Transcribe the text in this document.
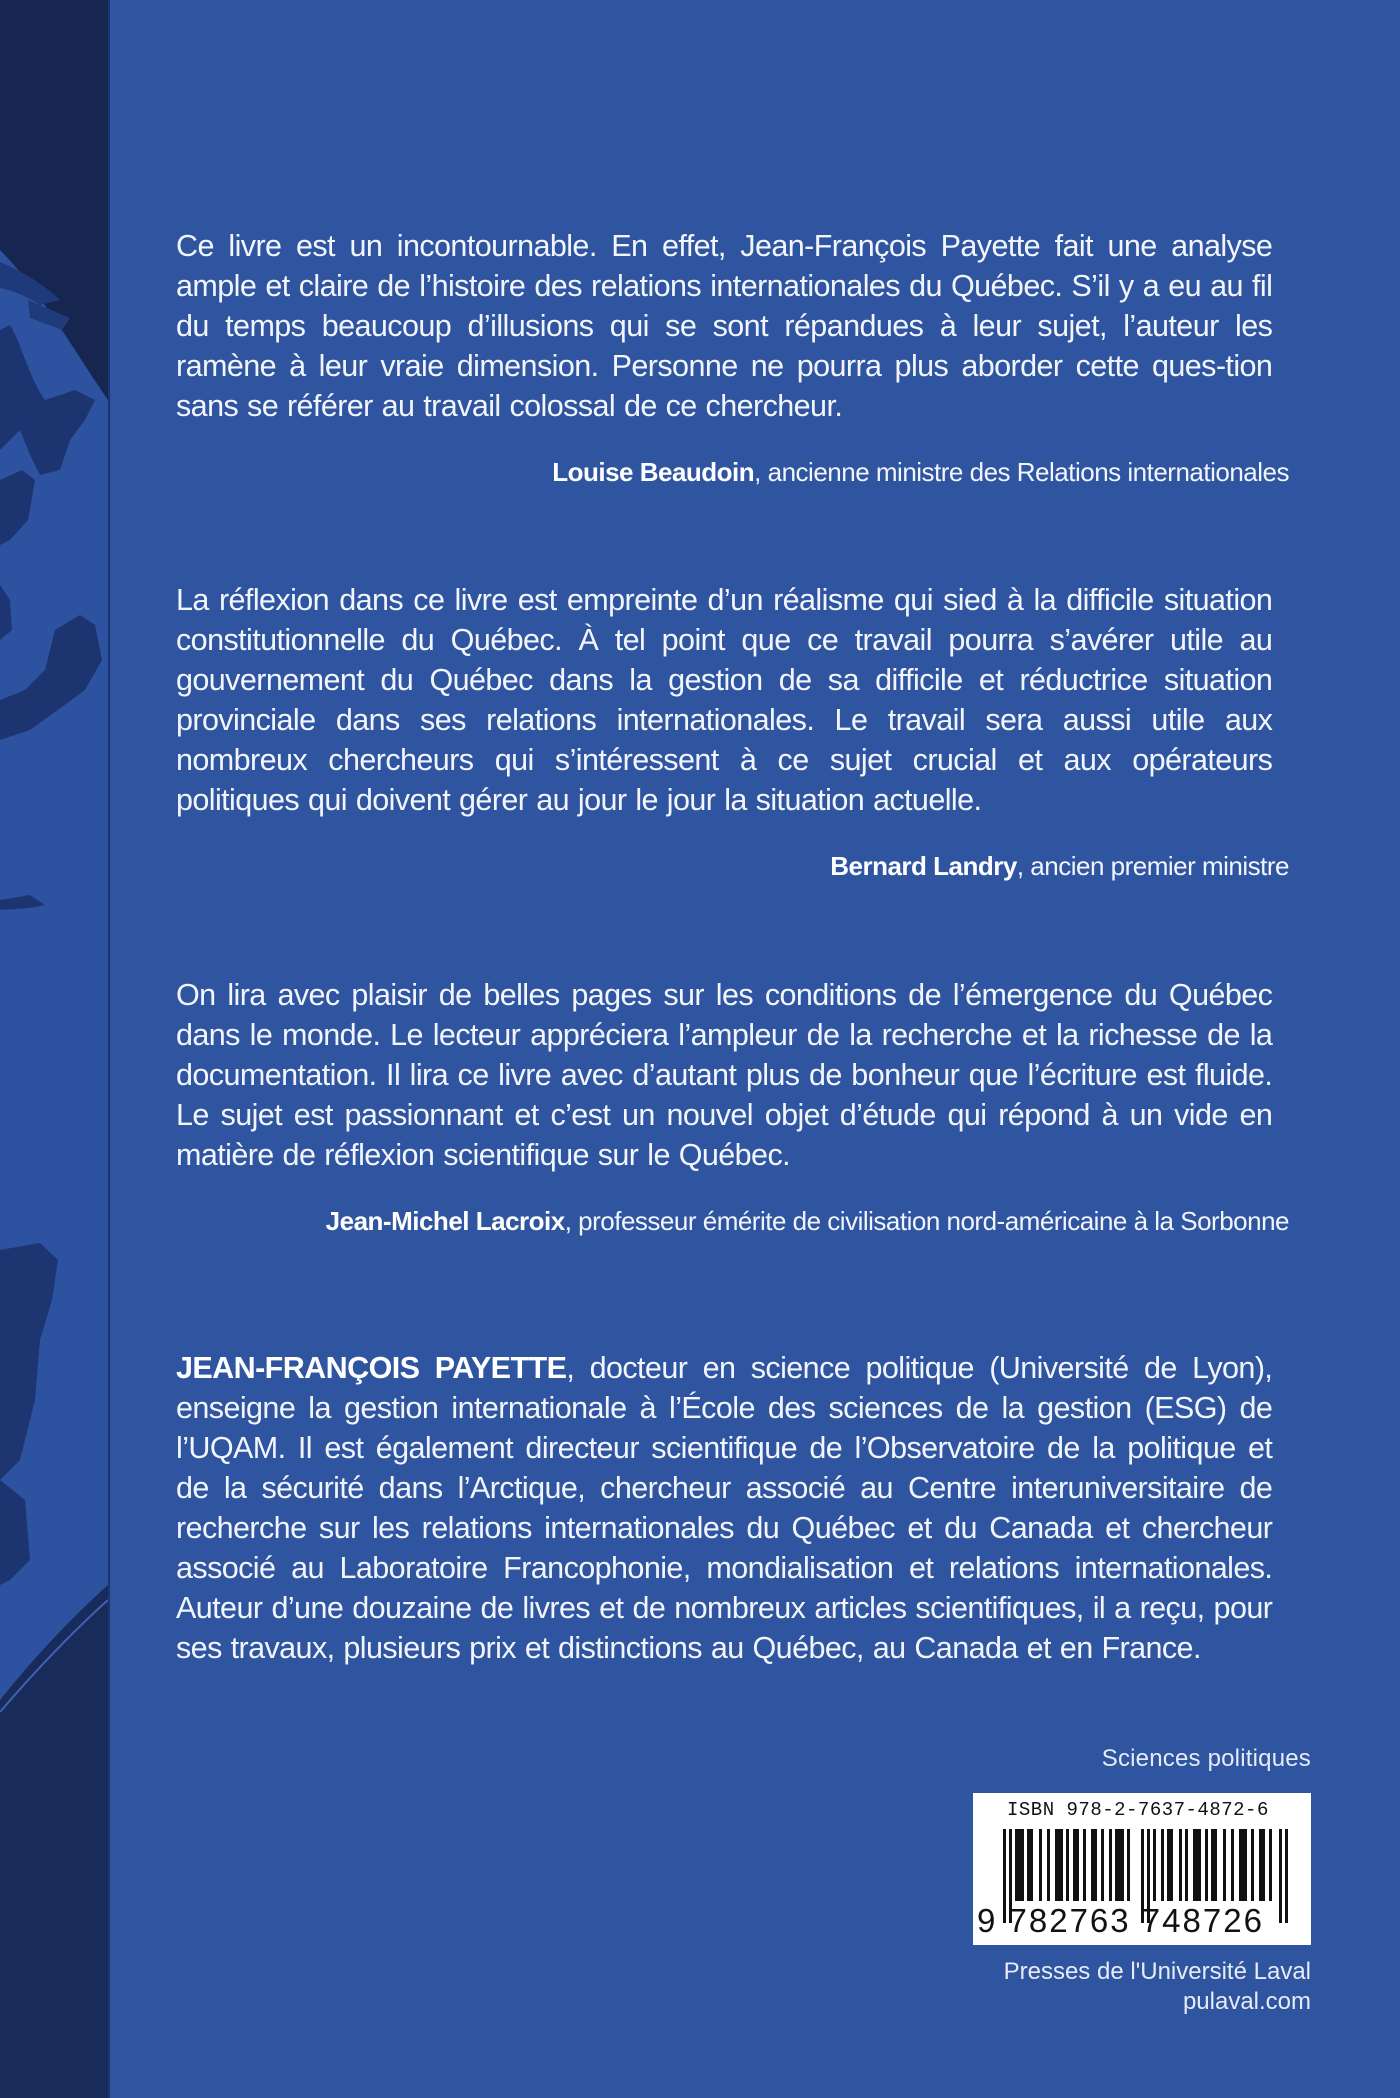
Ce livre est un incontournable. En effet, Jean-François Payette fait une analyse ample et claire de l’histoire des relations internationales du Québec. S’il y a eu au fil du temps beaucoup d’illusions qui se sont répandues à leur sujet, l’auteur les ramène à leur vraie dimension. Personne ne pourra plus aborder cette ques-tion sans se référer au travail colossal de ce chercheur.

Louise Beaudoin, ancienne ministre des Relations internationales

La réflexion dans ce livre est empreinte d’un réalisme qui sied à la difficile situation constitutionnelle du Québec. À tel point que ce travail pourra s’avérer utile au gouvernement du Québec dans la gestion de sa difficile et réductrice situation provinciale dans ses relations internationales. Le travail sera aussi utile aux nombreux chercheurs qui s’intéressent à ce sujet crucial et aux opérateurs politiques qui doivent gérer au jour le jour la situation actuelle.

Bernard Landry, ancien premier ministre

On lira avec plaisir de belles pages sur les conditions de l’émergence du Québec dans le monde. Le lecteur appréciera l’ampleur de la recherche et la richesse de la documentation. Il lira ce livre avec d’autant plus de bonheur que l’écriture est fluide. Le sujet est passionnant et c’est un nouvel objet d’étude qui répond à un vide en matière de réflexion scientifique sur le Québec.

Jean-Michel Lacroix, professeur émérite de civilisation nord-américaine à la Sorbonne

JEAN-FRANÇOIS PAYETTE, docteur en science politique (Université de Lyon), enseigne la gestion internationale à l’École des sciences de la gestion (ESG) de l’UQAM. Il est également directeur scientifique de l’Observatoire de la politique et de la sécurité dans l’Arctique, chercheur associé au Centre interuniversitaire de recherche sur les relations internationales du Québec et du Canada et chercheur associé au Laboratoire Francophonie, mondialisation et relations internationales. Auteur d’une douzaine de livres et de nombreux articles scientifiques, il a reçu, pour ses travaux, plusieurs prix et distinctions au Québec, au Canada et en France.

Sciences politiques
ISBN 978-2-7637-4872-6
9 782763 748726
Presses de l'Université Laval
pulaval.com
